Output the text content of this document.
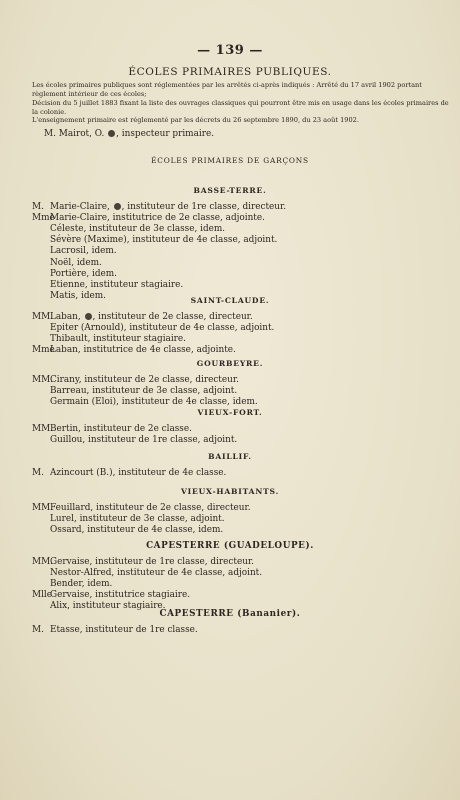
— 139 —
ÉCOLES PRIMAIRES PUBLIQUES.
Les écoles primaires publiques sont réglementées par les arrêtés ci-après indiqués : Arrêté du 17 avril 1902 portant règlement intérieur de ces écoles;
Décision du 5 juillet 1883 fixant la liste des ouvrages classiques qui pourront être mis en usage dans les écoles primaires de la colonie.
L'enseignement primaire est réglementé par les décrets du 26 septembre 1890, du 23 août 1902.
M. Mairot, O. , inspecteur primaire.
ÉCOLES PRIMAIRES DE GARÇONS
BASSE-TERRE.
M. Marie-Claire, , instituteur de 1re classe, directeur.
MmeMarie-Claire, institutrice de 2e classe, adjointe.
Céleste, instituteur de 3e classe, idem.
Sévère (Maxime), instituteur de 4e classe, adjoint.
Lacrosil, idem.
Noël, idem.
Portière, idem.
Etienne, instituteur stagiaire.
Matis, idem.	SAINT-CLAUDE.
MM.Laban, , instituteur de 2e classe, directeur.
Epiter (Arnould), instituteur de 4e classe, adjoint.
Thibault, instituteur stagiaire.
MmeLaban, institutrice de 4e classe, adjointe.
GOURBEYRE.
MM.Cirany, instituteur de 2e classe, directeur.
Barreau, instituteur de 3e classe, adjoint.
Germain (Eloi), instituteur de 4e classe, idem.
VIEUX-FORT.
MM.Bertin, instituteur de 2e classe.
Guillou, instituteur de 1re classe, adjoint.
BAILLIF.
M. Azincourt (B.), instituteur de 4e classe.
VIEUX-HABITANTS.
MM.Feuillard, instituteur de 2e classe, directeur.
Lurel, instituteur de 3e classe, adjoint.
Ossard, instituteur de 4e classe, idem.
CAPESTERRE (GUADELOUPE).
MM.Gervaise, instituteur de 1re classe, directeur.
Nestor-Alfred, instituteur de 4e classe, adjoint.
Bender, idem.
MlleGervaise, institutrice stagiaire.
Alix, instituteur stagiaire.
CAPESTERRE (Bananier).
M. Etasse, instituteur de 1re classe.
